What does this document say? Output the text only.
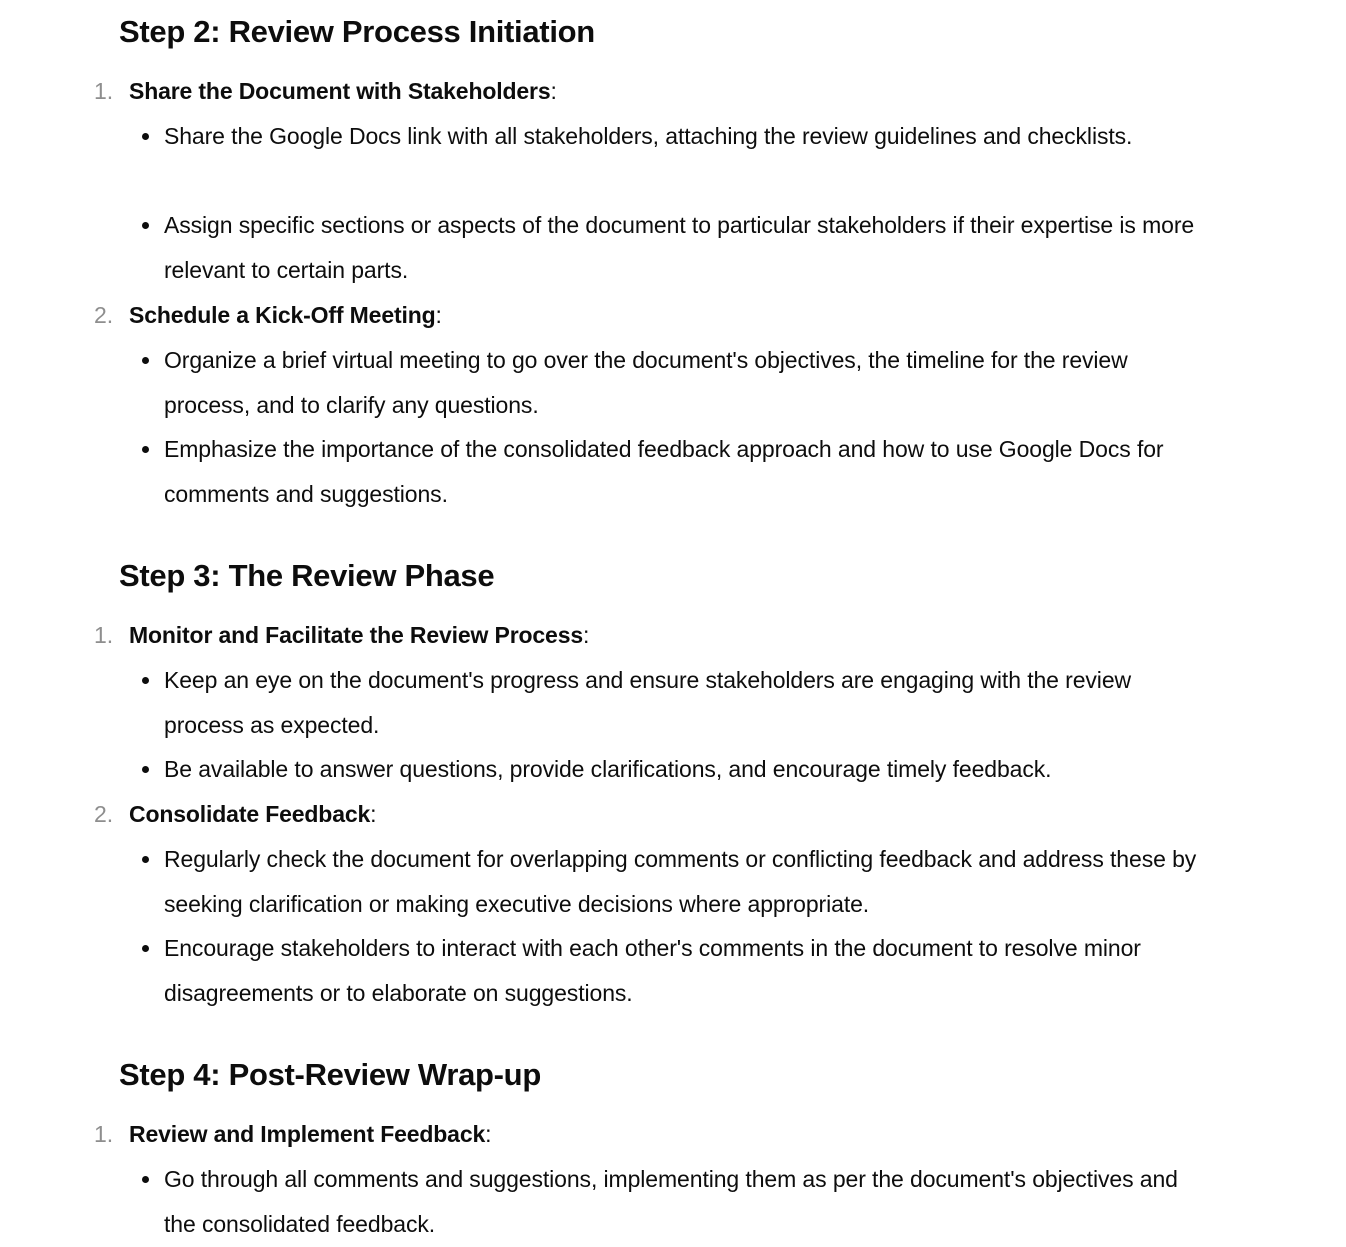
Step 2: Review Process Initiation
1. Share the Document with Stakeholders:
Share the Google Docs link with all stakeholders, attaching the review guidelines and checklists.
Assign specific sections or aspects of the document to particular stakeholders if their expertise is more relevant to certain parts.
2. Schedule a Kick-Off Meeting:
Organize a brief virtual meeting to go over the document's objectives, the timeline for the review process, and to clarify any questions.
Emphasize the importance of the consolidated feedback approach and how to use Google Docs for comments and suggestions.
Step 3: The Review Phase
1. Monitor and Facilitate the Review Process:
Keep an eye on the document's progress and ensure stakeholders are engaging with the review process as expected.
Be available to answer questions, provide clarifications, and encourage timely feedback.
2. Consolidate Feedback:
Regularly check the document for overlapping comments or conflicting feedback and address these by seeking clarification or making executive decisions where appropriate.
Encourage stakeholders to interact with each other's comments in the document to resolve minor disagreements or to elaborate on suggestions.
Step 4: Post-Review Wrap-up
1. Review and Implement Feedback:
Go through all comments and suggestions, implementing them as per the document's objectives and the consolidated feedback.
